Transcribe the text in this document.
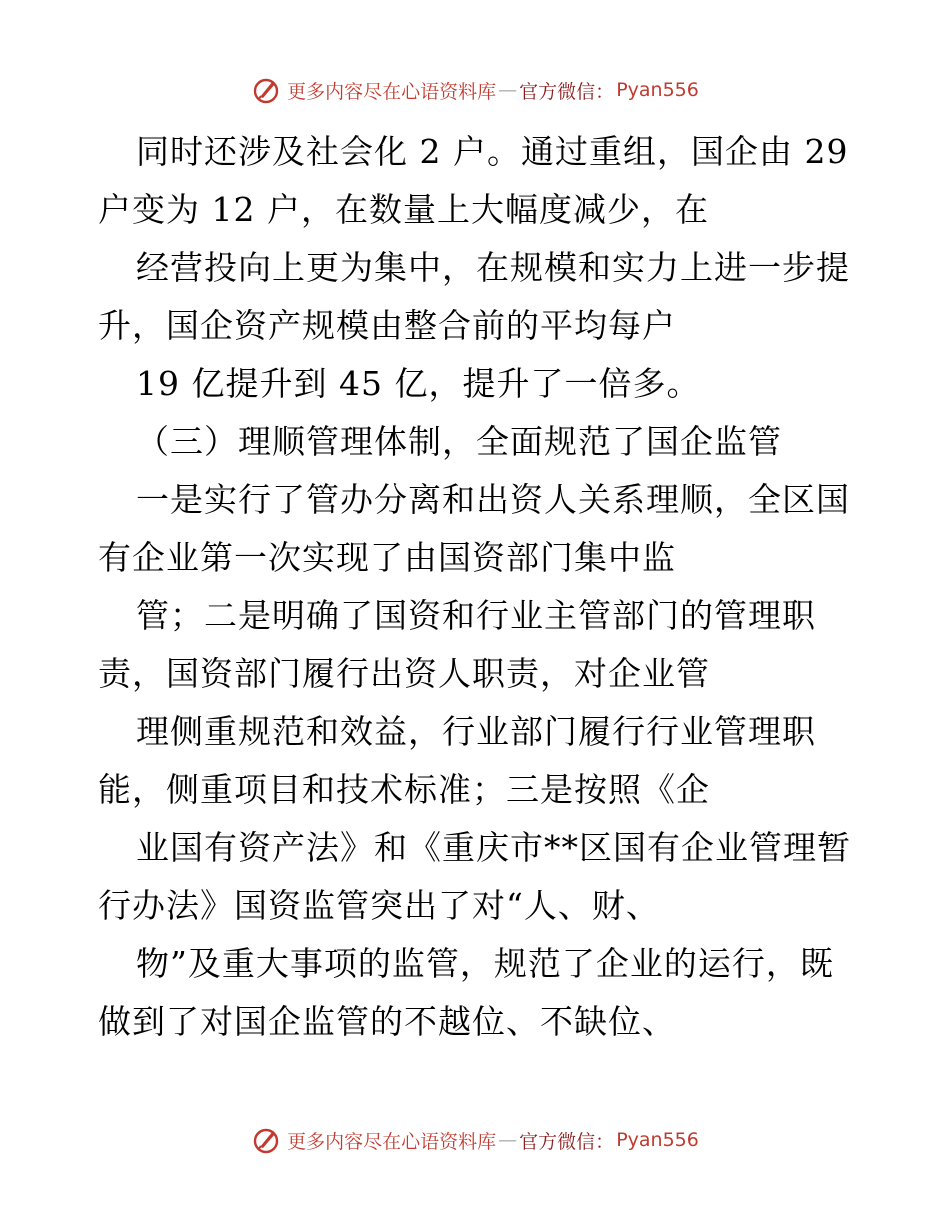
更多内容尽在心语资料库 — 官方微信： Pyan556
同时还涉及社会化 2 户。通过重组，国企由 29
户变为 12 户，在数量上大幅度减少，在
经营投向上更为集中，在规模和实力上进一步提
升，国企资产规模由整合前的平均每户
19 亿提升到 45 亿，提升了一倍多。
（三）理顺管理体制，全面规范了国企监管
一是实行了管办分离和出资人关系理顺，全区国
有企业第一次实现了由国资部门集中监
管；二是明确了国资和行业主管部门的管理职
责，国资部门履行出资人职责，对企业管
理侧重规范和效益，行业部门履行行业管理职
能，侧重项目和技术标准；三是按照《企
业国有资产法》和《重庆市**区国有企业管理暂
行办法》国资监管突出了对“人、财、
物”及重大事项的监管，规范了企业的运行，既
做到了对国企监管的不越位、不缺位、
更多内容尽在心语资料库 — 官方微信： Pyan556
